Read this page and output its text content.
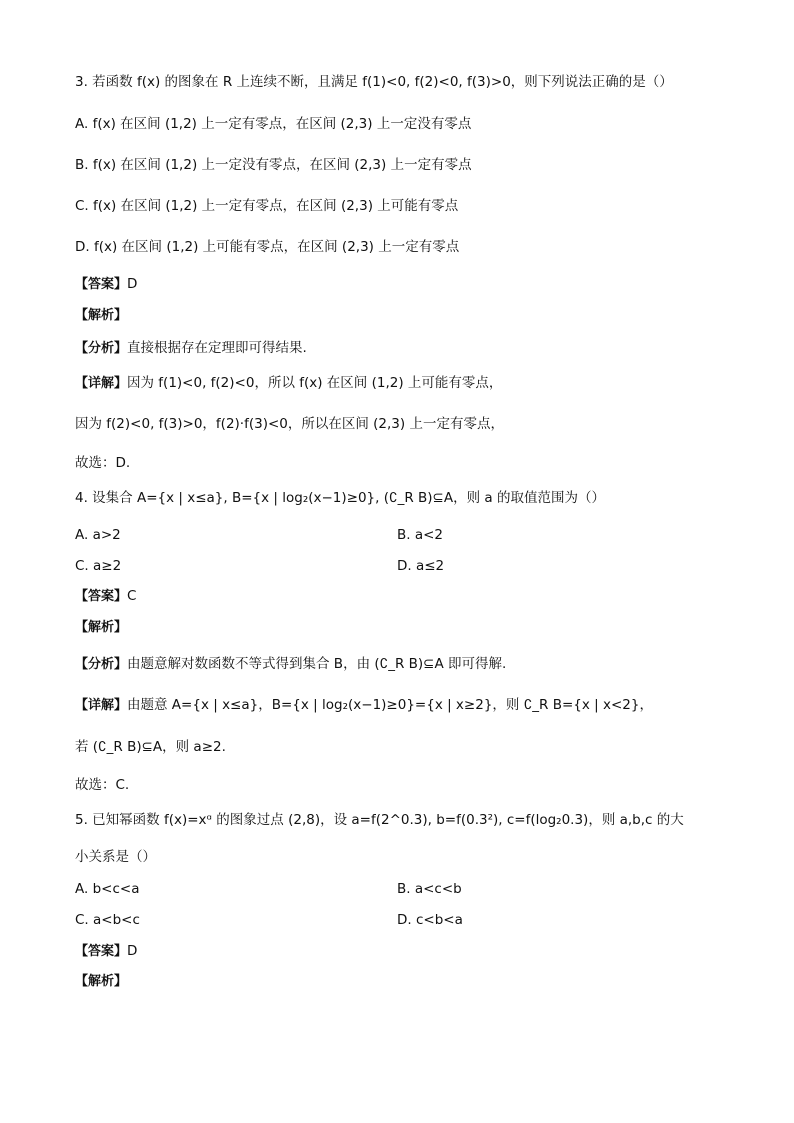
3. 若函数 f(x) 的图象在 R 上连续不断，且满足 f(1)<0, f(2)<0, f(3)>0，则下列说法正确的是（）
A. f(x) 在区间 (1,2) 上一定有零点，在区间 (2,3) 上一定没有零点
B. f(x) 在区间 (1,2) 上一定没有零点，在区间 (2,3) 上一定有零点
C. f(x) 在区间 (1,2) 上一定有零点，在区间 (2,3) 上可能有零点
D. f(x) 在区间 (1,2) 上可能有零点，在区间 (2,3) 上一定有零点
【答案】D
【解析】
【分析】直接根据存在定理即可得结果.
【详解】因为 f(1)<0, f(2)<0，所以 f(x) 在区间 (1,2) 上可能有零点，
因为 f(2)<0, f(3)>0，f(2)·f(3)<0，所以在区间 (2,3) 上一定有零点，
故选：D.
4. 设集合 A={x | x≤a}, B={x | log₂(x−1)≥0}, (∁_R B)⊆A，则 a 的取值范围为（）
A. a>2	B. a<2
C. a≥2	D. a≤2
【答案】C
【解析】
【分析】由题意解对数函数不等式得到集合 B，由 (∁_R B)⊆A 即可得解.
【详解】由题意 A={x | x≤a}，B={x | log₂(x−1)≥0}={x | x≥2}，则 ∁_R B={x | x<2}，
若 (∁_R B)⊆A，则 a≥2.
故选：C.
5. 已知幂函数 f(x)=xᵅ 的图象过点 (2,8)，设 a=f(2^0.3), b=f(0.3²), c=f(log₂0.3)，则 a,b,c 的大
小关系是（）
A. b<c<a	B. a<c<b
C. a<b<c	D. c<b<a
【答案】D
【解析】
